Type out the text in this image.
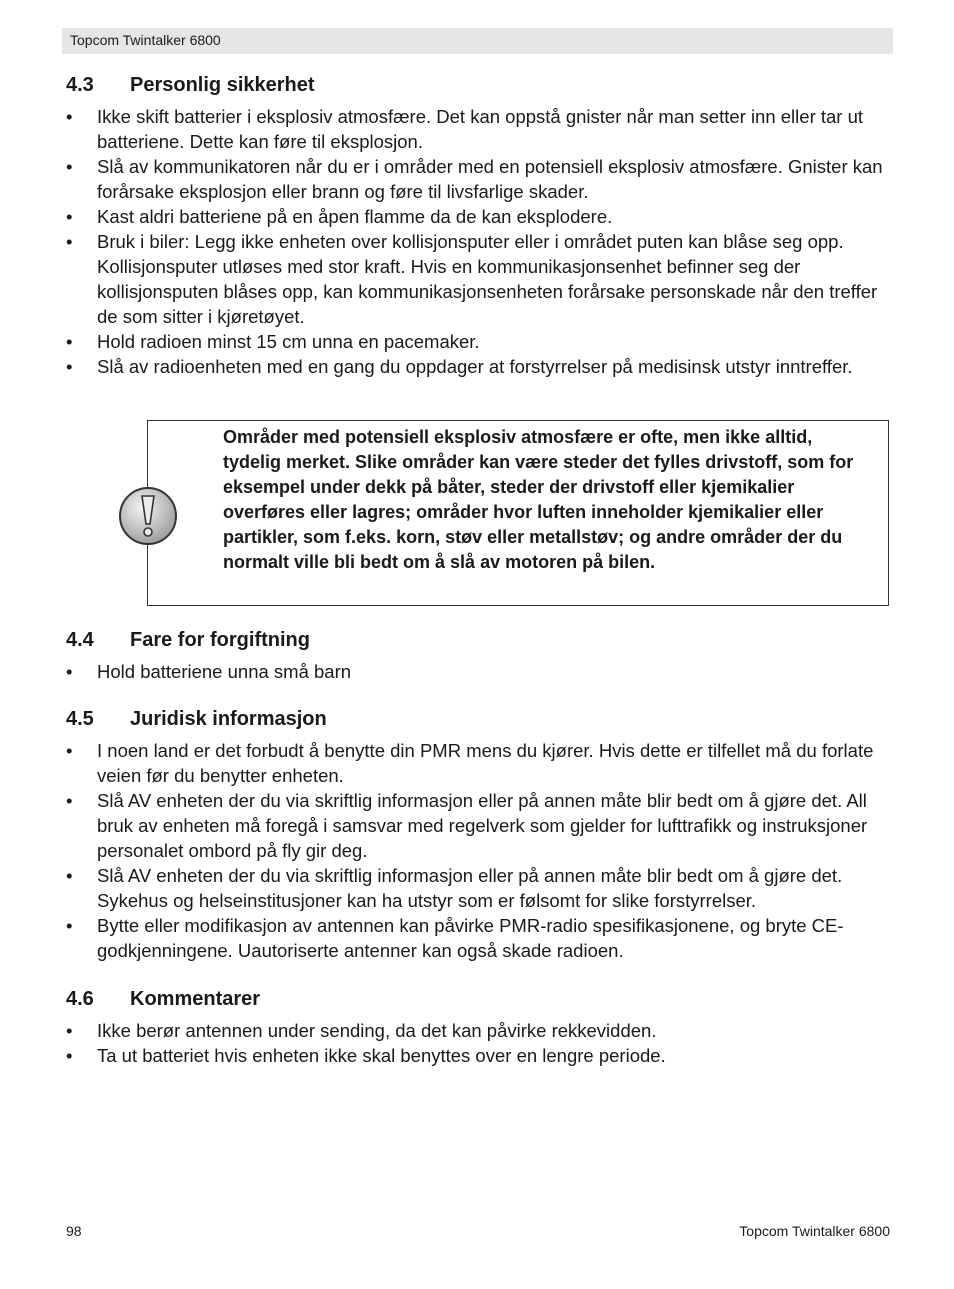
Topcom Twintalker 6800
4.3 Personlig sikkerhet
• Ikke skift batterier i eksplosiv atmosfære. Det kan oppstå gnister når man setter inn eller tar ut batteriene. Dette kan føre til eksplosjon.
• Slå av kommunikatoren når du er i områder med en potensiell eksplosiv atmosfære. Gnister kan forårsake eksplosjon eller brann og føre til livsfarlige skader.
• Kast aldri batteriene på en åpen flamme da de kan eksplodere.
• Bruk i biler: Legg ikke enheten over kollisjonsputer eller i området puten kan blåse seg opp. Kollisjonsputer utløses med stor kraft. Hvis en kommunikasjonsenhet befinner seg der kollisjonsputen blåses opp, kan kommunikasjonsenheten forårsake personskade når den treffer de som sitter i kjøretøyet.
• Hold radioen minst 15 cm unna en pacemaker.
• Slå av radioenheten med en gang du oppdager at forstyrrelser på medisinsk utstyr inntreffer.
Områder med potensiell eksplosiv atmosfære er ofte, men ikke alltid, tydelig merket. Slike områder kan være steder det fylles drivstoff, som for eksempel under dekk på båter, steder der drivstoff eller kjemikalier overføres eller lagres; områder hvor luften inneholder kjemikalier eller partikler, som f.eks. korn, støv eller metallstøv; og andre områder der du normalt ville bli bedt om å slå av motoren på bilen.
4.4 Fare for forgiftning
• Hold batteriene unna små barn
4.5 Juridisk informasjon
• I noen land er det forbudt å benytte din PMR mens du kjører. Hvis dette er tilfellet må du forlate veien før du benytter enheten.
• Slå AV enheten der du via skriftlig informasjon eller på annen måte blir bedt om å gjøre det. All bruk av enheten må foregå i samsvar med regelverk som gjelder for lufttrafikk og instruksjoner personalet ombord på fly gir deg.
• Slå AV enheten der du via skriftlig informasjon eller på annen måte blir bedt om å gjøre det. Sykehus og helseinstitusjoner kan ha utstyr som er følsomt for slike forstyrrelser.
• Bytte eller modifikasjon av antennen kan påvirke PMR-radio spesifikasjonene, og bryte CE-godkjenningene. Uautoriserte antenner kan også skade radioen.
4.6 Kommentarer
• Ikke berør antennen under sending, da det kan påvirke rekkevidden.
• Ta ut batteriet hvis enheten ikke skal benyttes over en lengre periode.
98	Topcom Twintalker 6800
